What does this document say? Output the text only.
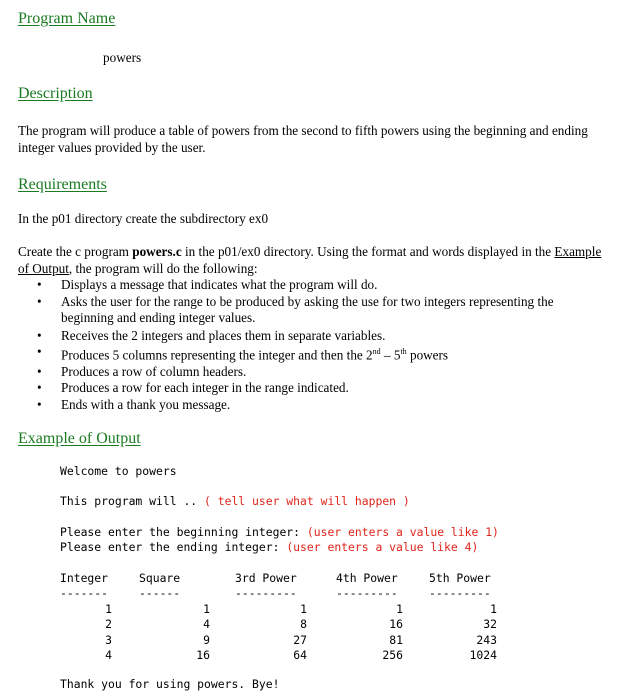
Program Name
powers
Description
The program will produce a table of powers from the second to fifth powers using the beginning and ending integer values provided by the user.
Requirements
In the p01 directory create the subdirectory ex0
Create the c program powers.c in the p01/ex0 directory. Using the format and words displayed in the Example of Output, the program will do the following:
• Displays a message that indicates what the program will do.
• Asks the user for the range to be produced by asking the use for two integers representing the beginning and ending integer values.
• Receives the 2 integers and places them in separate variables.
• Produces 5 columns representing the integer and then the 2nd – 5th powers
• Produces a row of column headers.
• Produces a row for each integer in the range indicated.
• Ends with a thank you message.
Example of Output
Welcome to powers
This program will .. ( tell user what will happen )
Please enter the beginning integer: (user enters a value like 1)
Please enter the ending integer: (user enters a value like 4)
Integer	Square	3rd Power	4th Power	5th Power
-------	------	---------	---------	---------
1	1	1	1	1
2	4	8	16	32
3	9	27	81	243
4	16	64	256	1024
Thank you for using powers. Bye!
